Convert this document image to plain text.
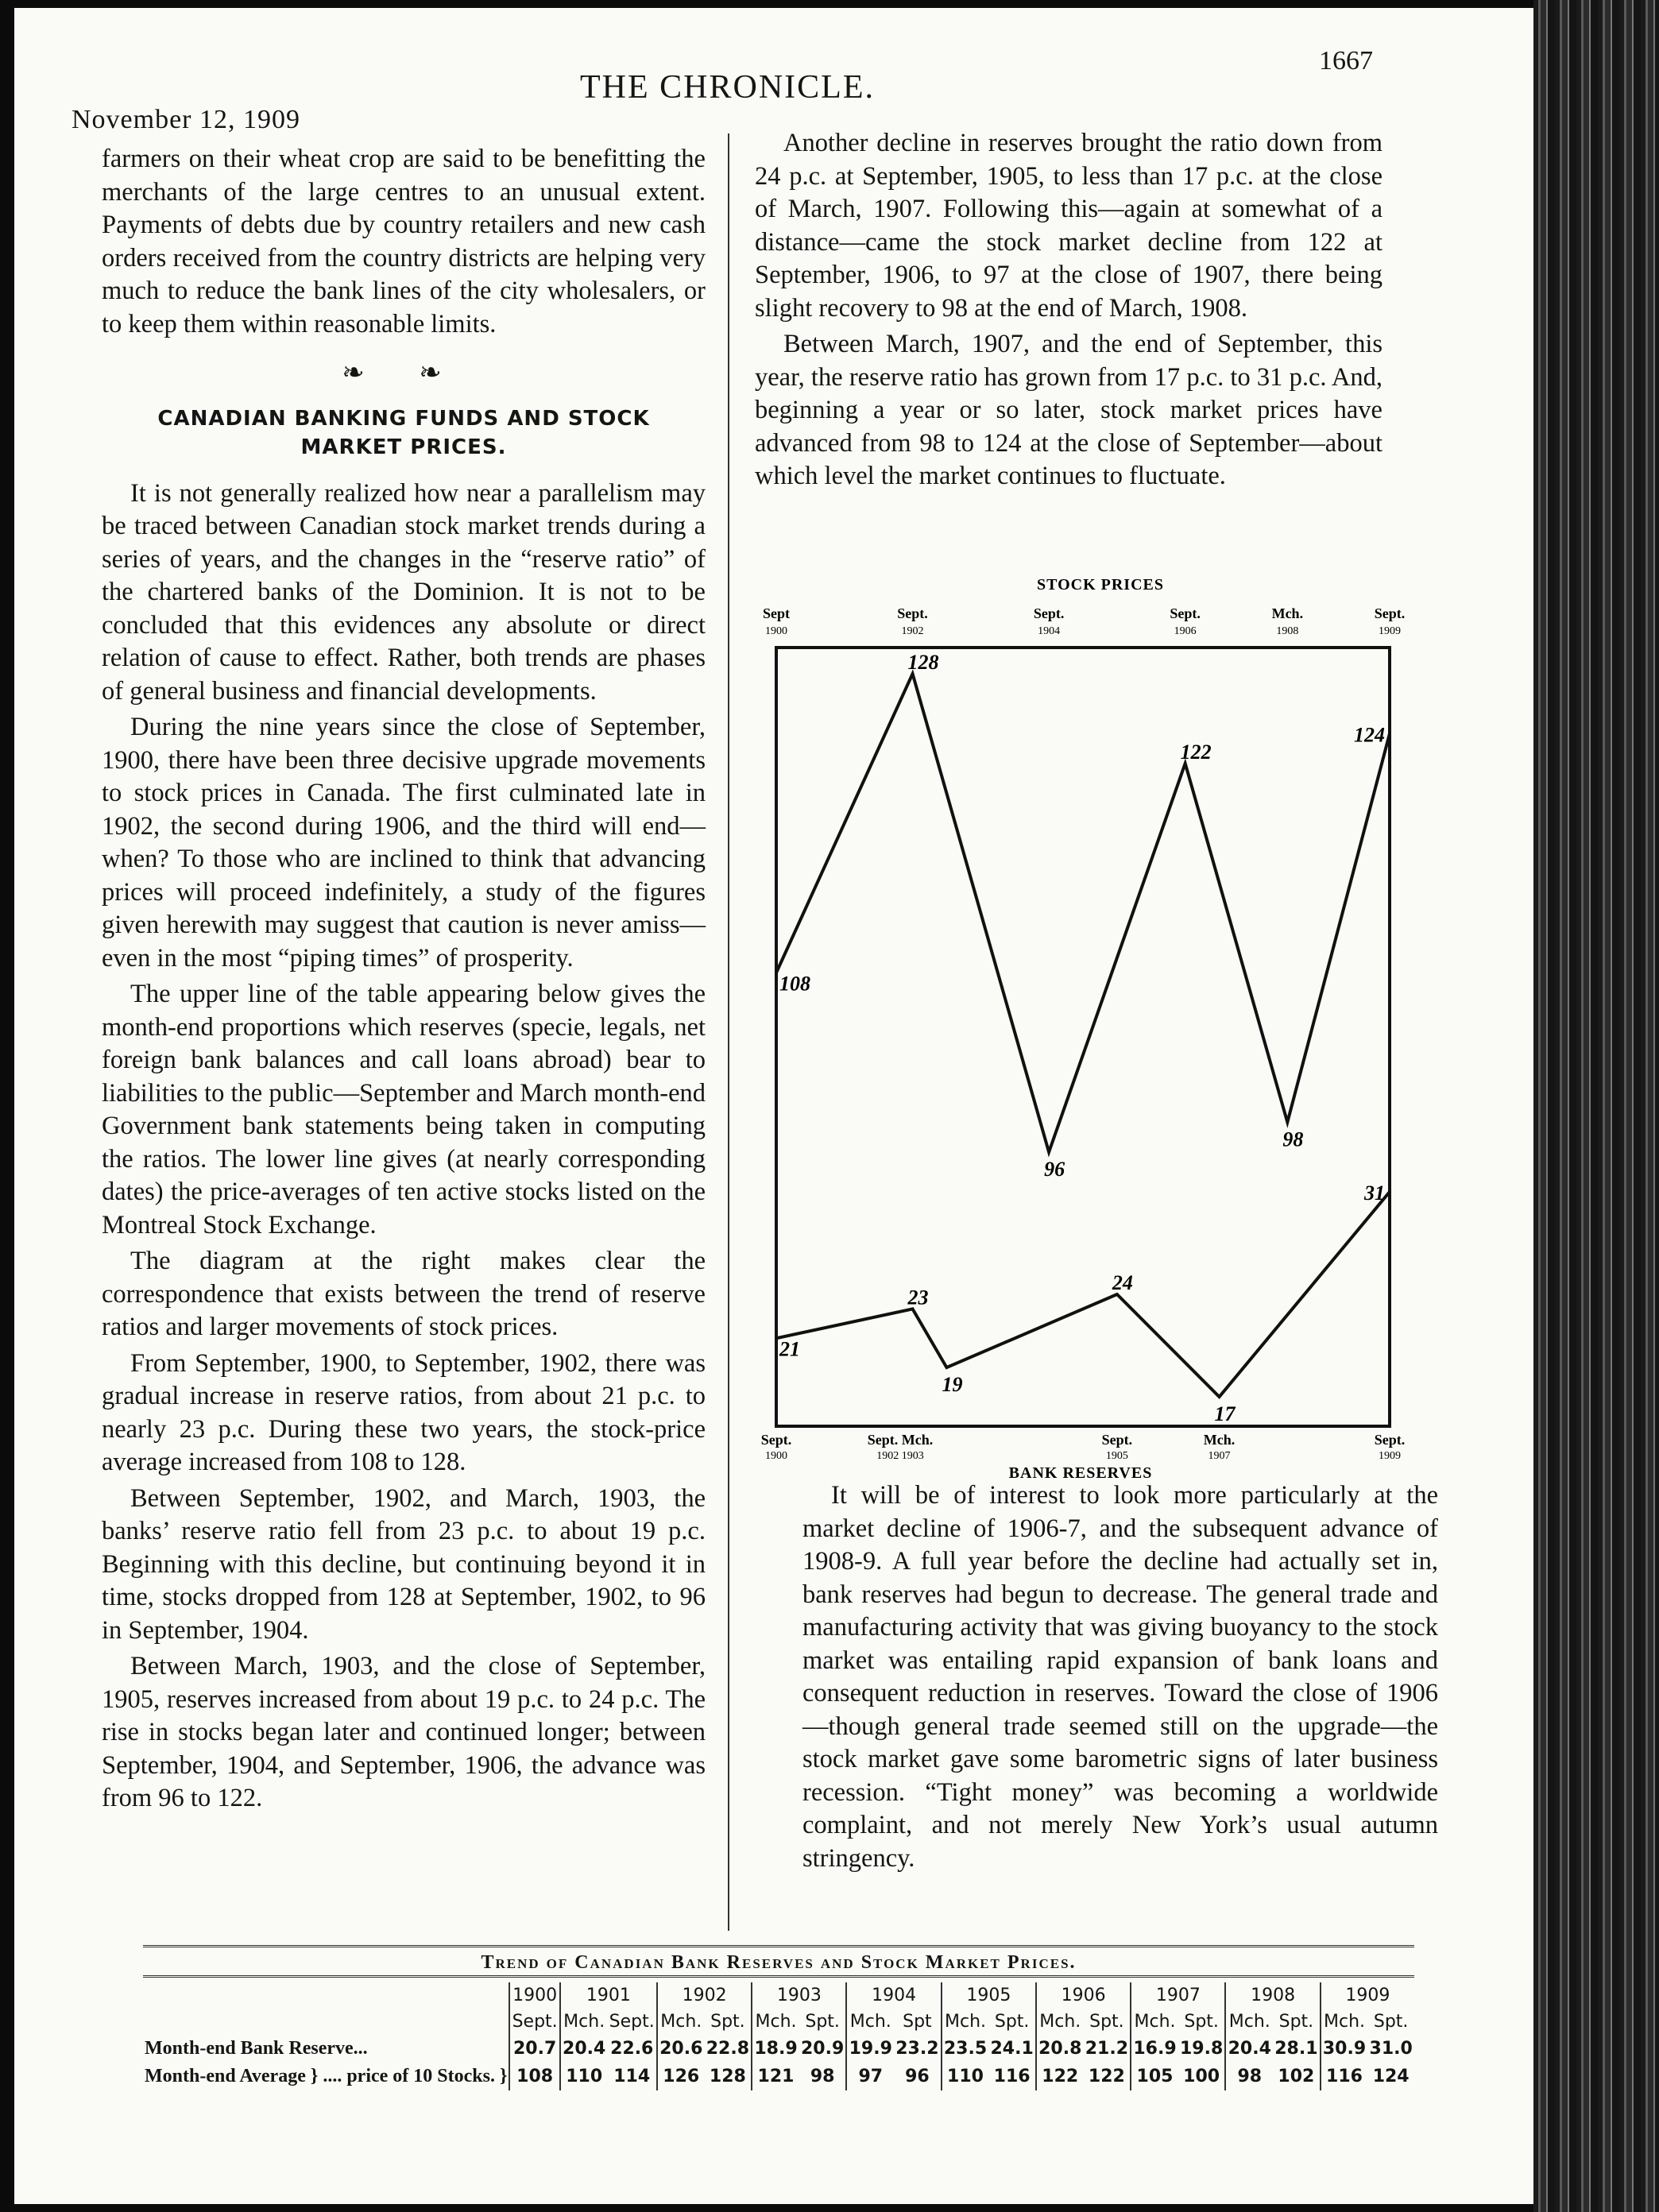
November 12, 1909
THE CHRONICLE.
1667

farmers on their wheat crop are said to be benefitting the merchants of the large centres to an unusual extent. Payments of debts due by country retailers and new cash orders received from the country districts are helping very much to reduce the bank lines of the city wholesalers, or to keep them within reasonable limits.

❧ ❧
CANADIAN BANKING FUNDS AND STOCK
MARKET PRICES.

It is not generally realized how near a parallelism may be traced between Canadian stock market trends during a series of years, and the changes in the “reserve ratio” of the chartered banks of the Dominion. It is not to be concluded that this evidences any absolute or direct relation of cause to effect. Rather, both trends are phases of general business and financial developments.

During the nine years since the close of September, 1900, there have been three decisive upgrade movements to stock prices in Canada. The first culminated late in 1902, the second during 1906, and the third will end—when? To those who are inclined to think that advancing prices will proceed indefinitely, a study of the figures given herewith may suggest that caution is never amiss—even in the most “piping times” of prosperity.

The upper line of the table appearing below gives the month-end proportions which reserves (specie, legals, net foreign bank balances and call loans abroad) bear to liabilities to the public—September and March month-end Government bank statements being taken in computing the ratios. The lower line gives (at nearly corresponding dates) the price-averages of ten active stocks listed on the Montreal Stock Exchange.

The diagram at the right makes clear the correspondence that exists between the trend of reserve ratios and larger movements of stock prices.

From September, 1900, to September, 1902, there was gradual increase in reserve ratios, from about 21 p.c. to nearly 23 p.c. During these two years, the stock-price average increased from 108 to 128.

Between September, 1902, and March, 1903, the banks’ reserve ratio fell from 23 p.c. to about 19 p.c. Beginning with this decline, but continuing beyond it in time, stocks dropped from 128 at September, 1902, to 96 in September, 1904.

Between March, 1903, and the close of September, 1905, reserves increased from about 19 p.c. to 24 p.c. The rise in stocks began later and continued longer; between September, 1904, and September, 1906, the advance was from 96 to 122.

Another decline in reserves brought the ratio down from 24 p.c. at September, 1905, to less than 17 p.c. at the close of March, 1907. Following this—again at somewhat of a distance—came the stock market decline from 122 at September, 1906, to 97 at the close of 1907, there being slight recovery to 98 at the end of March, 1908.

Between March, 1907, and the end of September, this year, the reserve ratio has grown from 17 p.c. to 31 p.c. And, beginning a year or so later, stock market prices have advanced from 98 to 124 at the close of September—about which level the market continues to fluctuate.

STOCK PRICES
Sept
1900
Sept.
1902
Sept.
1904
Sept.
1906
Mch.
1908
Sept.
1909
Sept.
1900
Sept. Mch.
1902 1903
Sept.
1905
Mch.
1907
Sept.
1909
108
128
96
122
98
124
21
23
19
24
17
31
BANK RESERVES

It will be of interest to look more particularly at the market decline of 1906-7, and the subsequent advance of 1908-9. A full year before the decline had actually set in, bank reserves had begun to decrease. The general trade and manufacturing activity that was giving buoyancy to the stock market was entailing rapid expansion of bank loans and consequent reduction in reserves. Toward the close of 1906—though general trade seemed still on the upgrade—the stock market gave some barometric signs of later business recession. “Tight money” was becoming a worldwide complaint, and not merely New York’s usual autumn stringency.

Trend of Canadian Bank Reserves and Stock Market Prices.
	1900	1901		1902		1903		1904		1905		1906		1907		1908		1909	
	Sept.	Mch.	Sept.	Mch.	Spt.	Mch.	Spt.	Mch.	Spt	Mch.	Spt.	Mch.	Spt.	Mch.	Spt.	Mch.	Spt.	Mch.	Spt.
Month-end Bank Reserve...	20.7	20.4	22.6	20.6	22.8	18.9	20.9	19.9	23.2	23.5	24.1	20.8	21.2	16.9	19.8	20.4	28.1	30.9	31.0
Month-end Average } .... price of 10 Stocks. }	108	110	114	126	128	121	98	97	96	110	116	122	122	105	100	98	102	116	124
